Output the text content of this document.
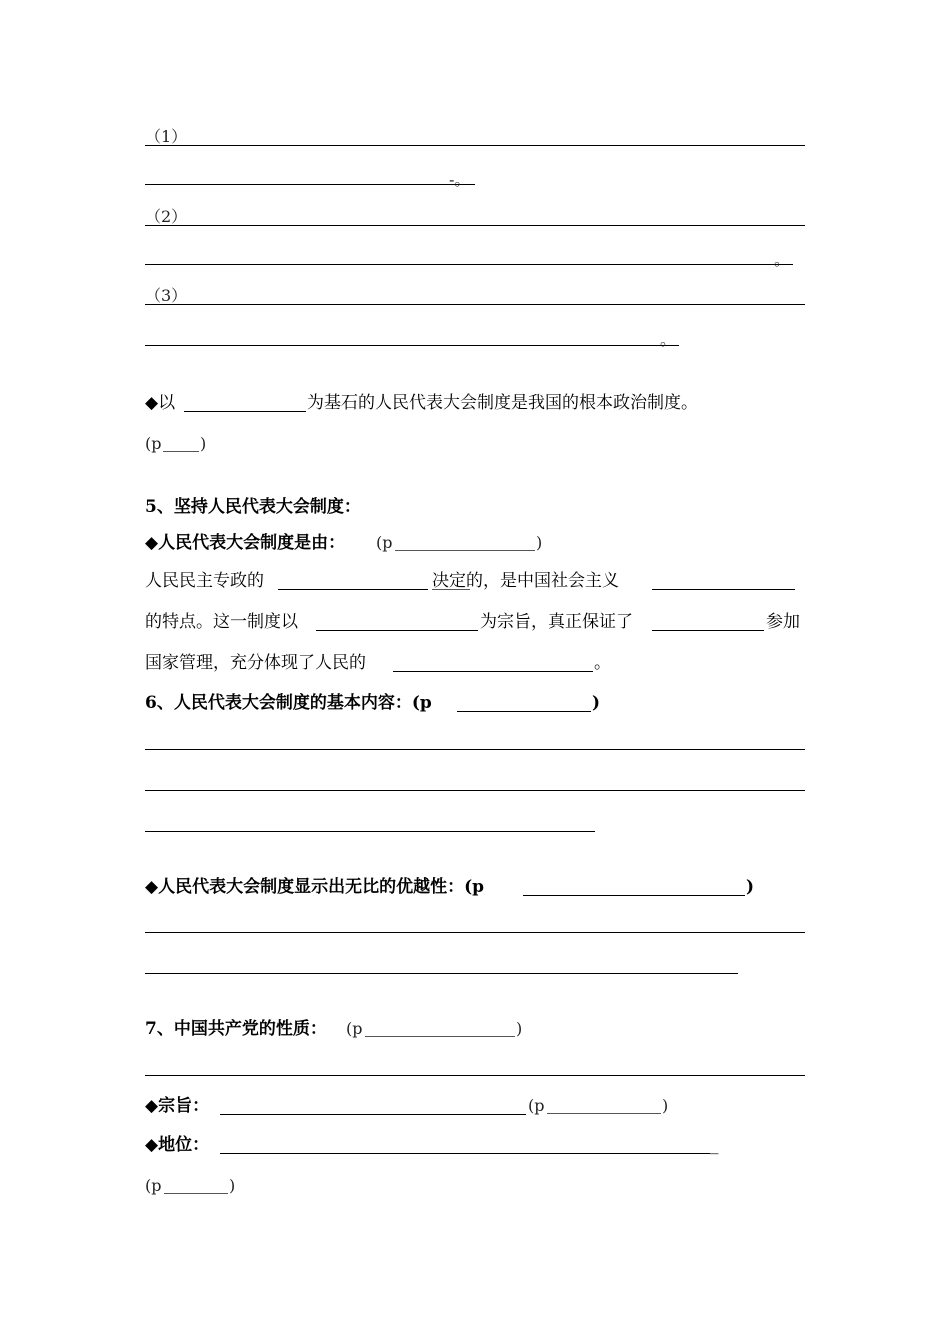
（1）
-。
（2）
。
（3）
。
◆以	为基石的人民代表大会制度是我国的根本政治制度。
(p )
5、坚持人民代表大会制度：
◆人民代表大会制度是由： (p	)
人民民主专政的	决定的，是中国社会主义
的特点。这一制度以	为宗旨，真正保证了	参加
国家管理，充分体现了人民的	。
6、人民代表大会制度的基本内容：(p	)
◆人民代表大会制度显示出无比的优越性：(p	)
7、中国共产党的性质： (p	)
◆宗旨：	(p	)
◆地位：	_
(p	)
